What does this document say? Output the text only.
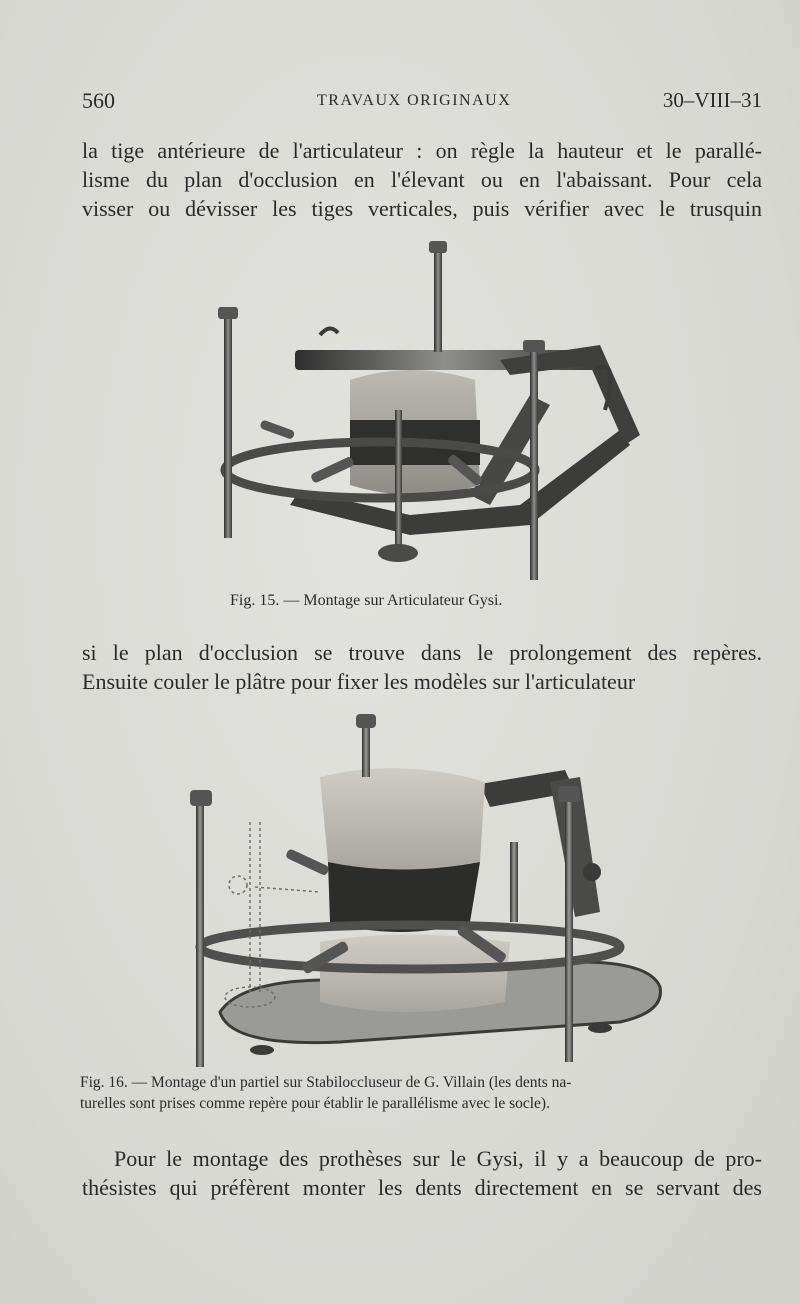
560	TRAVAUX ORIGINAUX	30–VIII–31
la tige antérieure de l'articulateur : on règle la hauteur et le parallé-
lisme du plan d'occlusion en l'élevant ou en l'abaissant. Pour cela
visser ou dévisser les tiges verticales, puis vérifier avec le trusquin
Fig. 15. — Montage sur Articulateur Gysi.
si le plan d'occlusion se trouve dans le prolongement des repères.
Ensuite couler le plâtre pour fixer les modèles sur l'articulateur
Fig. 16. — Montage d'un partiel sur Stabiloccluseur de G. Villain (les dents na-
turelles sont prises comme repère pour établir le parallélisme avec le socle).
Pour le montage des prothèses sur le Gysi, il y a beaucoup de pro-
thésistes qui préfèrent monter les dents directement en se servant des
